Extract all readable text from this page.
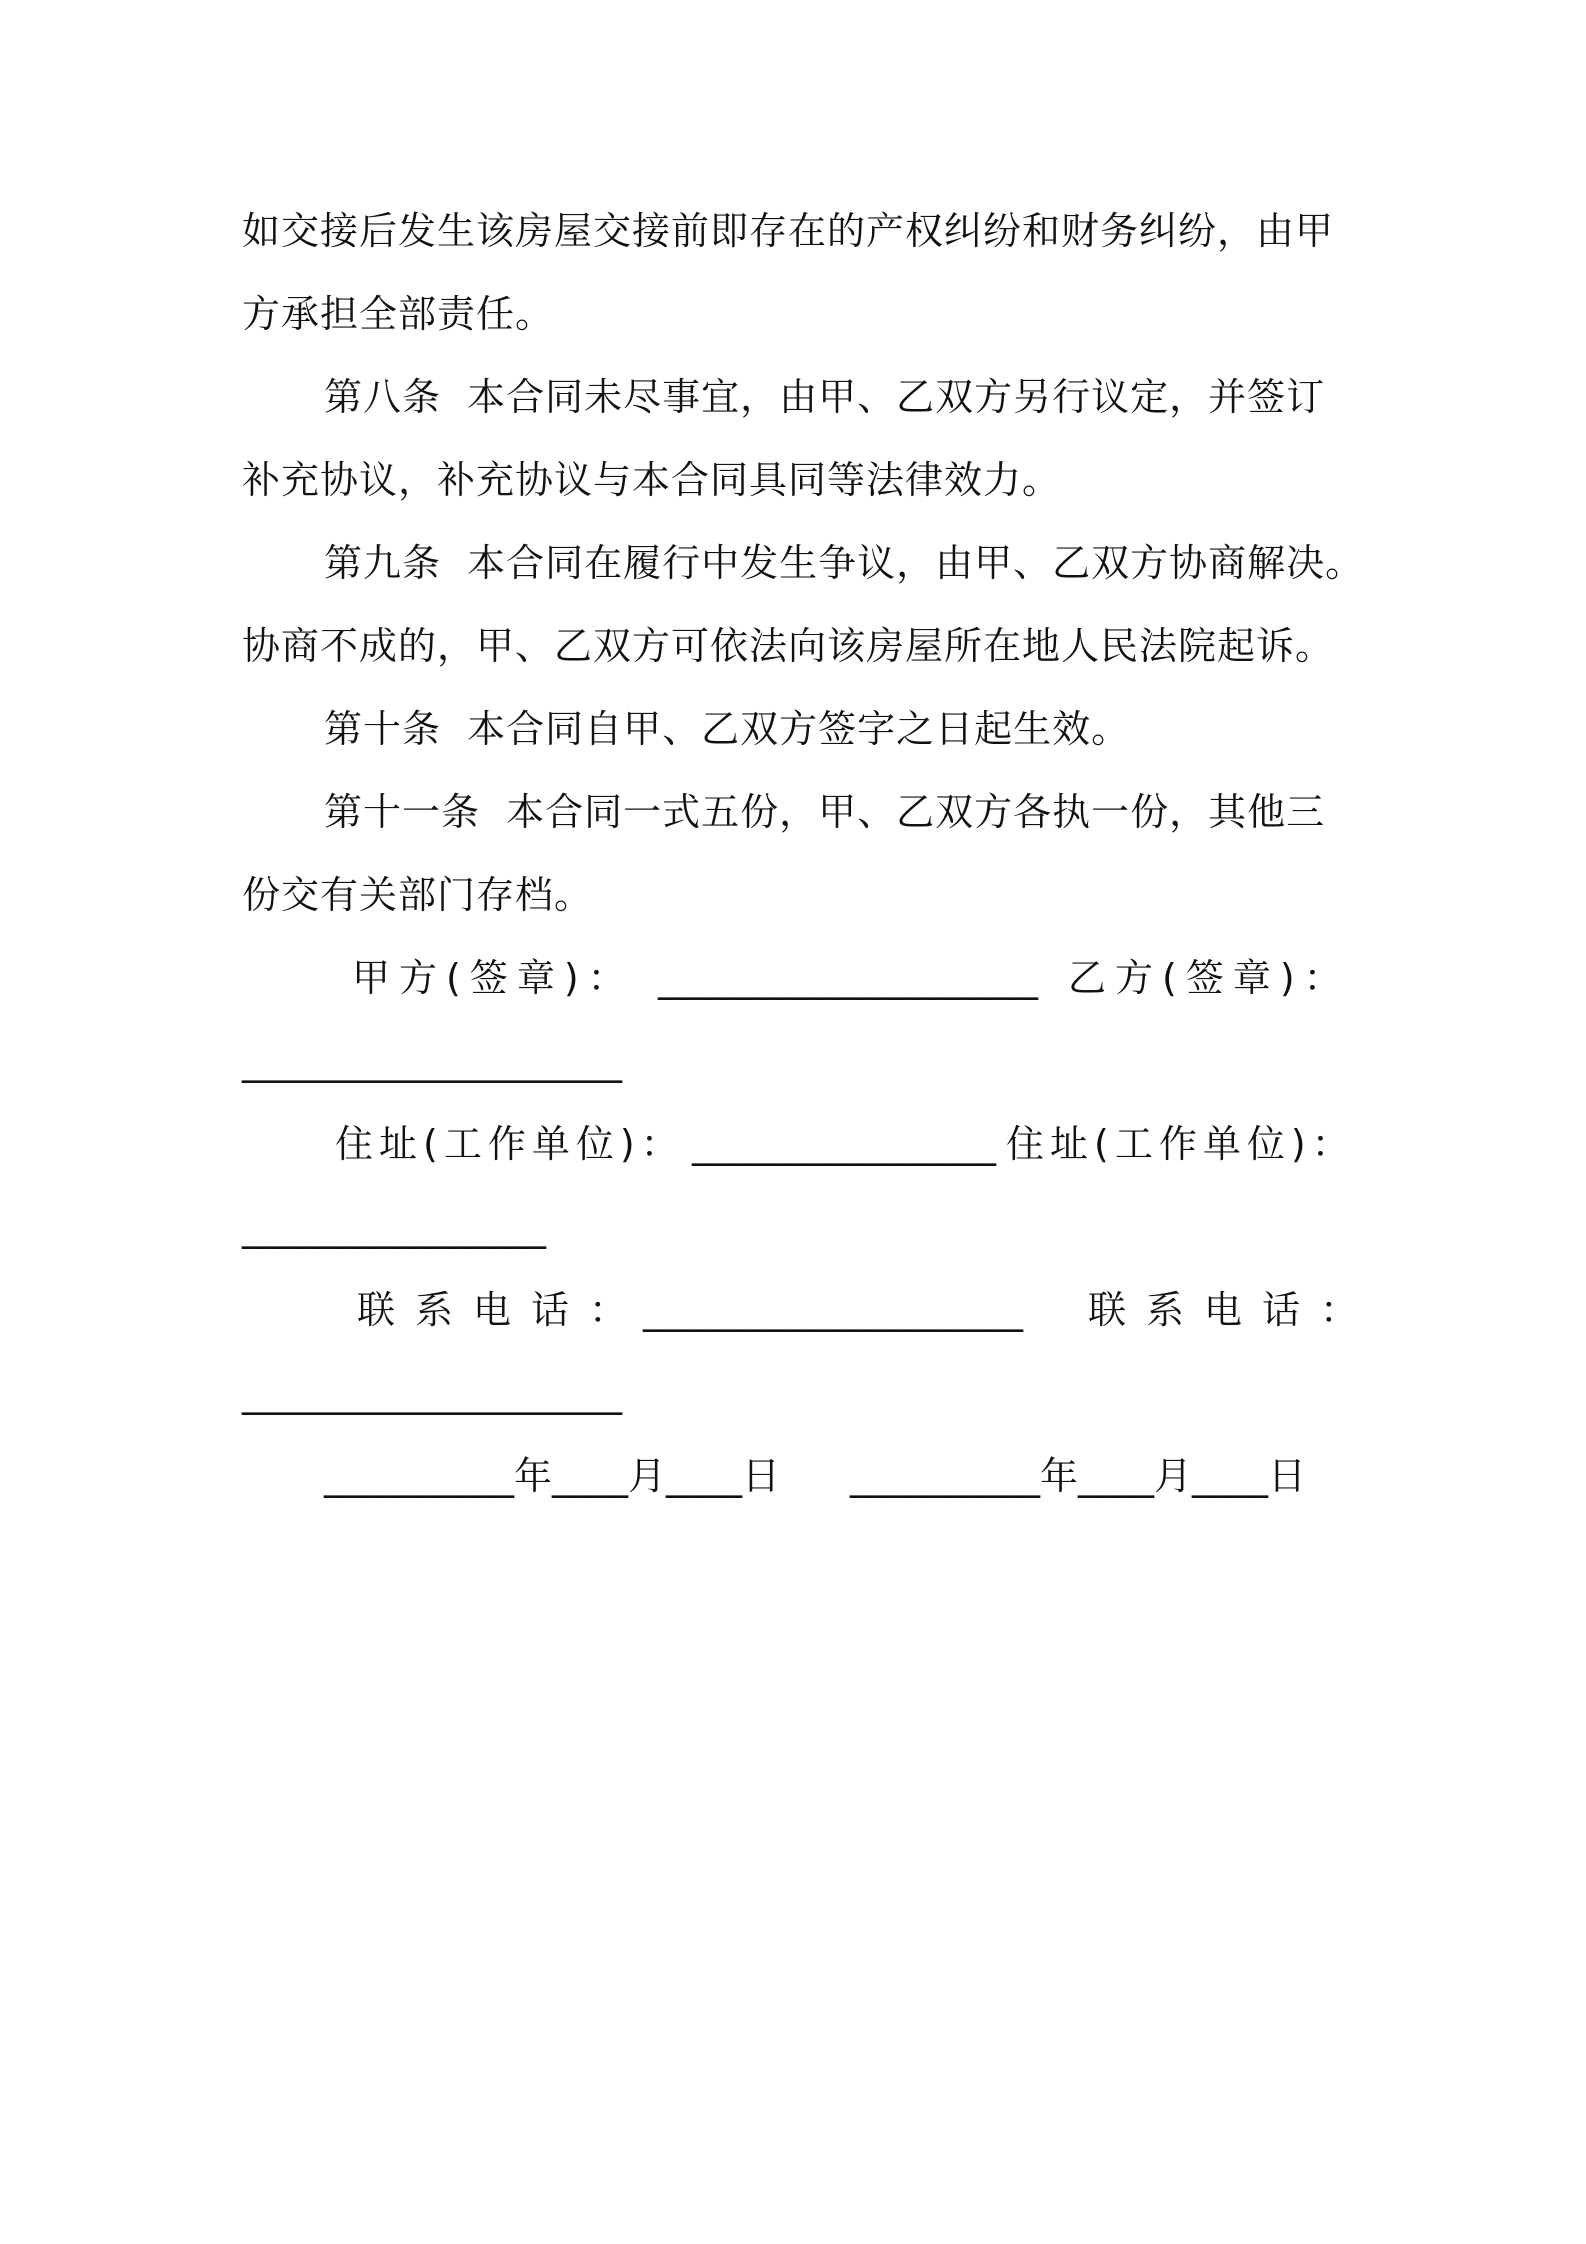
如交接后发生该房屋交接前即存在的产权纠纷和财务纠纷，由甲
方承担全部责任。
第八条  本合同未尽事宜，由甲、乙双方另行议定，并签订
补充协议，补充协议与本合同具同等法律效力。
第九条  本合同在履行中发生争议，由甲、乙双方协商解决。
协商不成的，甲、乙双方可依法向该房屋所在地人民法院起诉。
第十条  本合同自甲、乙双方签字之日起生效。
第十一条  本合同一式五份，甲、乙双方各执一份，其他三
份交有关部门存档。
甲方(签章)： ____________________ 乙方(签章)：
____________________
住址(工作单位)： ________________ 住址(工作单位)：
________________
联系电话：
____________________ 联系电话：
____________________
__________年____月____日 __________年____月____日
